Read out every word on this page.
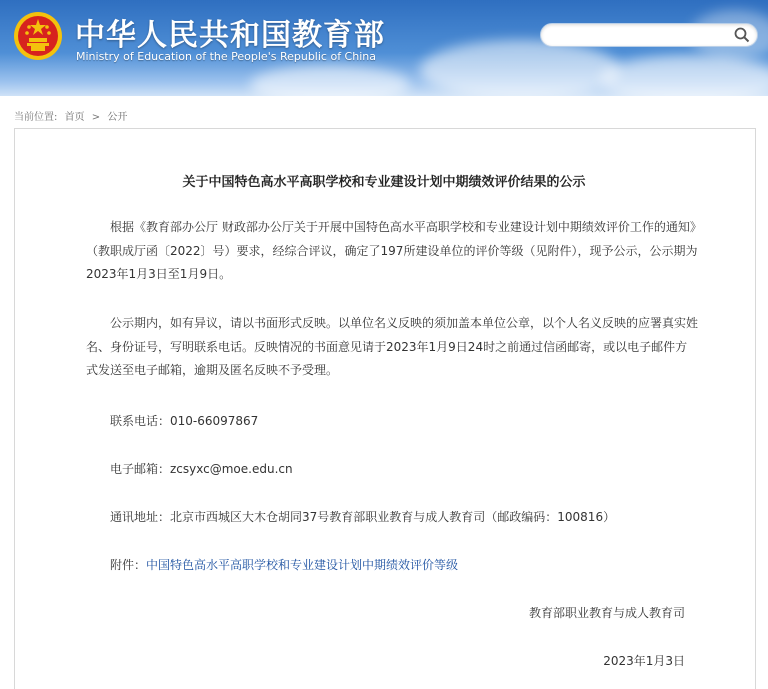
中华人民共和国教育部
Ministry of Education of the People's Republic of China
当前位置: 首页 > 公开
关于中国特色高水平高职学校和专业建设计划中期绩效评价结果的公示
根据《教育部办公厅 财政部办公厅关于开展中国特色高水平高职学校和专业建设计划中期绩效评价工作的通知》（教职成厅函〔2022〕号）要求，经综合评议，确定了197所建设单位的评价等级（见附件），现予公示，公示期为2023年1月3日至1月9日。
公示期内，如有异议，请以书面形式反映。以单位名义反映的须加盖本单位公章，以个人名义反映的应署真实姓名、身份证号，写明联系电话。反映情况的书面意见请于2023年1月9日24时之前通过信函邮寄，或以电子邮件方式发送至电子邮箱，逾期及匿名反映不予受理。
联系电话：010-66097867
电子邮箱：zcsyxc@moe.edu.cn
通讯地址：北京市西城区大木仓胡同37号教育部职业教育与成人教育司（邮政编码：100816）
附件：中国特色高水平高职学校和专业建设计划中期绩效评价等级
教育部职业教育与成人教育司
2023年1月3日
